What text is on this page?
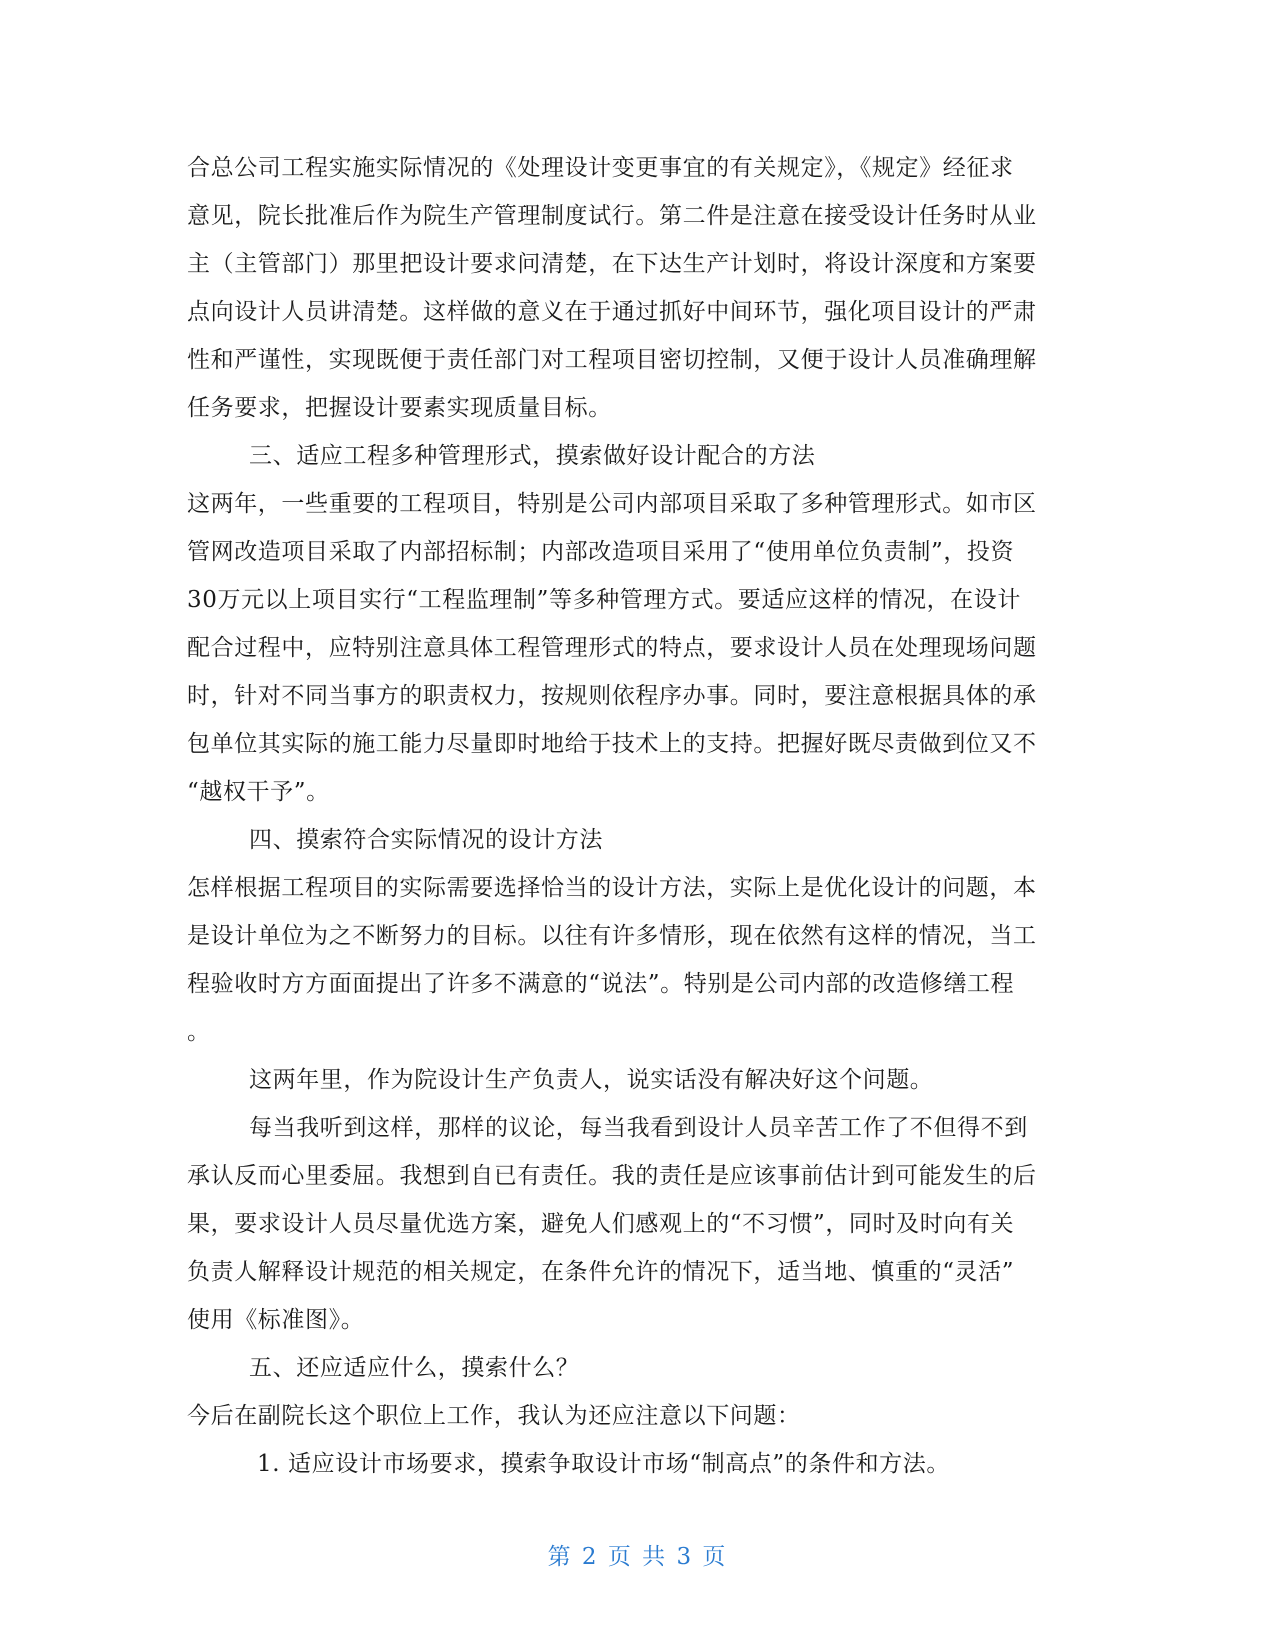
合总公司工程实施实际情况的《处理设计变更事宜的有关规定》，《规定》经征求
意见，院长批准后作为院生产管理制度试行。第二件是注意在接受设计任务时从业
主（主管部门）那里把设计要求问清楚，在下达生产计划时，将设计深度和方案要
点向设计人员讲清楚。这样做的意义在于通过抓好中间环节，强化项目设计的严肃
性和严谨性，实现既便于责任部门对工程项目密切控制，又便于设计人员准确理解
任务要求，把握设计要素实现质量目标。
三、适应工程多种管理形式，摸索做好设计配合的方法
这两年，一些重要的工程项目，特别是公司内部项目采取了多种管理形式。如市区
管网改造项目采取了内部招标制；内部改造项目采用了“使用单位负责制”，投资
30万元以上项目实行“工程监理制”等多种管理方式。要适应这样的情况，在设计
配合过程中，应特别注意具体工程管理形式的特点，要求设计人员在处理现场问题
时，针对不同当事方的职责权力，按规则依程序办事。同时，要注意根据具体的承
包单位其实际的施工能力尽量即时地给于技术上的支持。把握好既尽责做到位又不
“越权干予”。
四、摸索符合实际情况的设计方法
怎样根据工程项目的实际需要选择恰当的设计方法，实际上是优化设计的问题，本
是设计单位为之不断努力的目标。以往有许多情形，现在依然有这样的情况，当工
程验收时方方面面提出了许多不满意的“说法”。特别是公司内部的改造修缮工程
。
这两年里，作为院设计生产负责人，说实话没有解决好这个问题。
每当我听到这样，那样的议论，每当我看到设计人员辛苦工作了不但得不到
承认反而心里委屈。我想到自已有责任。我的责任是应该事前估计到可能发生的后
果，要求设计人员尽量优选方案，避免人们感观上的“不习惯”，同时及时向有关
负责人解释设计规范的相关规定，在条件允许的情况下，适当地、慎重的“灵活”
使用《标准图》。
五、还应适应什么，摸索什么？
今后在副院长这个职位上工作，我认为还应注意以下问题：
1. 适应设计市场要求，摸索争取设计市场“制高点”的条件和方法。
第 2 页 共 3 页
